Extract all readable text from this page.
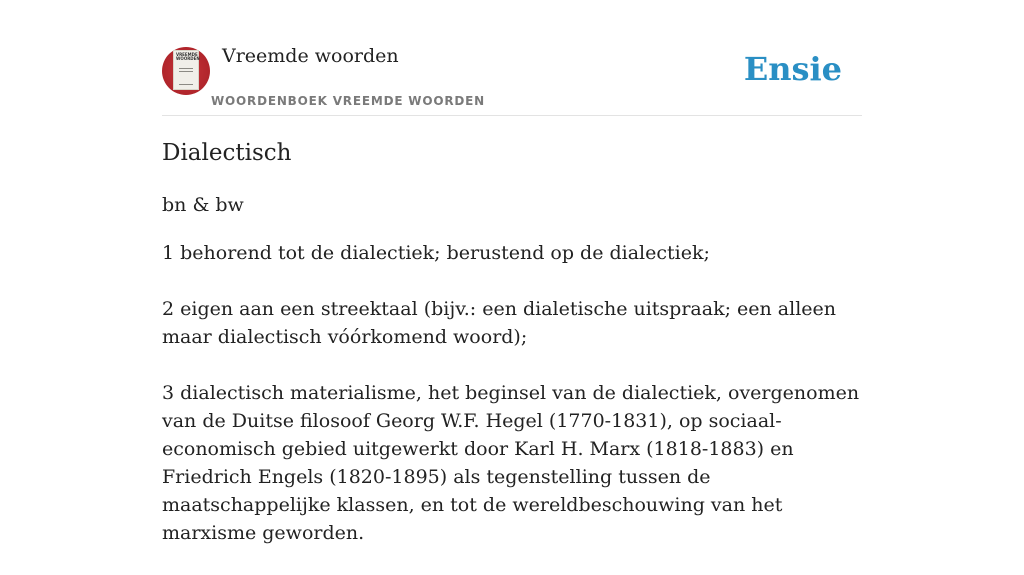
VREEMDE WOORDEN Vreemde woorden
WOORDENBOEK VREEMDE WOORDEN
Ensie
Dialectisch
bn & bw

1 behorend tot de dialectiek; berustend op de dialectiek;

2 eigen aan een streektaal (bijv.: een dialetische uitspraak; een alleen maar dialectisch vóórkomend woord);

3 dialectisch materialisme, het beginsel van de dialectiek, overgenomen van de Duitse filosoof Georg W.F. Hegel (1770-1831), op sociaal-economisch gebied uitgewerkt door Karl H. Marx (1818-1883) en Friedrich Engels (1820-1895) als tegenstelling tussen de maatschappelijke klassen, en tot de wereldbeschouwing van het marxisme geworden.
